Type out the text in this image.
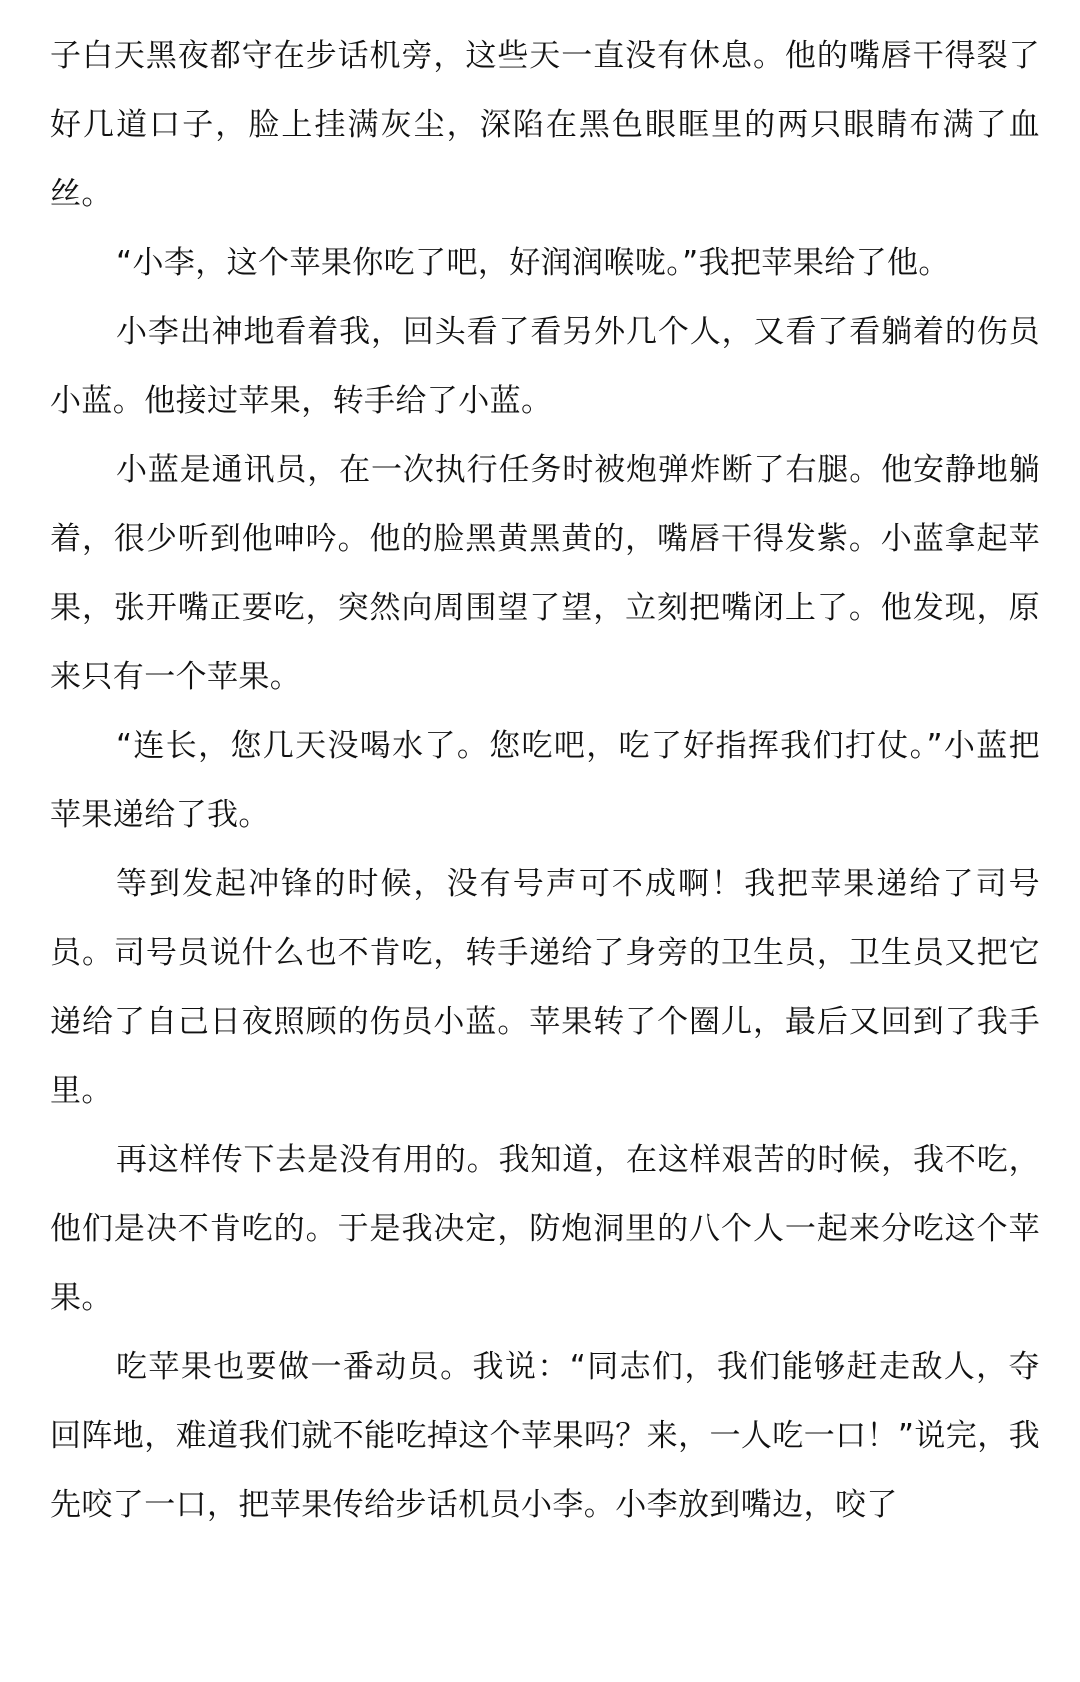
子白天黑夜都守在步话机旁，这些天一直没有休息。他的嘴唇干得裂了好几道口子，脸上挂满灰尘，深陷在黑色眼眶里的两只眼睛布满了血丝。

“小李，这个苹果你吃了吧，好润润喉咙。”我把苹果给了他。

小李出神地看着我，回头看了看另外几个人，又看了看躺着的伤员小蓝。他接过苹果，转手给了小蓝。

小蓝是通讯员，在一次执行任务时被炮弹炸断了右腿。他安静地躺着，很少听到他呻吟。他的脸黑黄黑黄的，嘴唇干得发紫。小蓝拿起苹果，张开嘴正要吃，突然向周围望了望，立刻把嘴闭上了。他发现，原来只有一个苹果。

“连长，您几天没喝水了。您吃吧，吃了好指挥我们打仗。”小蓝把苹果递给了我。

等到发起冲锋的时候，没有号声可不成啊！我把苹果递给了司号员。司号员说什么也不肯吃，转手递给了身旁的卫生员，卫生员又把它递给了自己日夜照顾的伤员小蓝。苹果转了个圈儿，最后又回到了我手里。

再这样传下去是没有用的。我知道，在这样艰苦的时候，我不吃，他们是决不肯吃的。于是我决定，防炮洞里的八个人一起来分吃这个苹果。

吃苹果也要做一番动员。我说：“同志们，我们能够赶走敌人，夺回阵地，难道我们就不能吃掉这个苹果吗？来，一人吃一口！”说完，我先咬了一口，把苹果传给步话机员小李。小李放到嘴边，咬了
